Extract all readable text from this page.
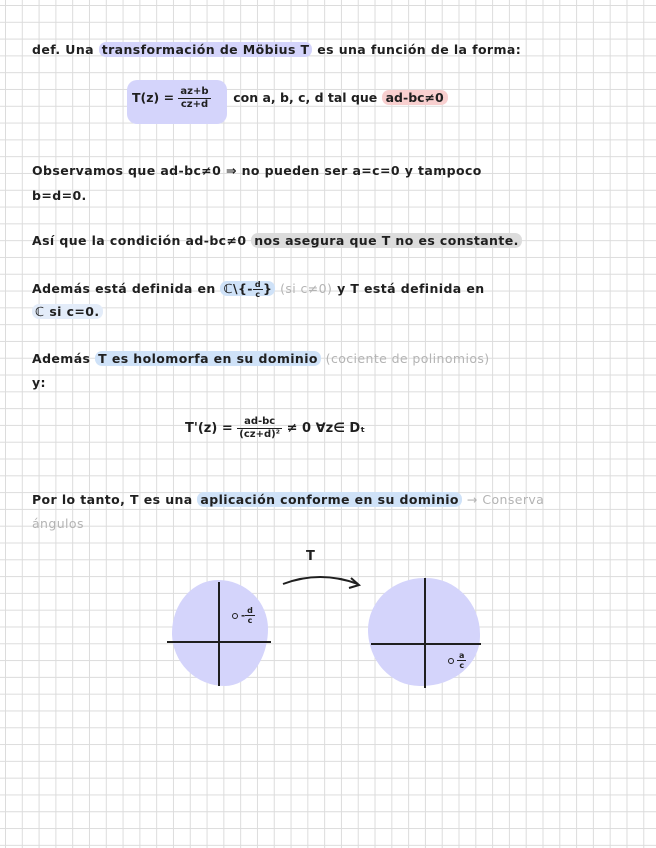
def. Una transformación de Möbius T es una función de la forma:
$T(z) = \frac{az+b}{cz+d}$ con a, b, c, d tal que ad-bc≠0
Observamos que ad-bc≠0 ⇒ no pueden ser a=c=0 y tampoco
b=d=0.
Así que la condición ad-bc≠0 nos asegura que T no es constante.
Además está definida en ℂ\{- $\frac{d}{c}$ } (si c≠0) y T está definida en
ℂ si c=0.
Además T es holomorfa en su dominio (cociente de polinomios)
y:
$T'(z) = \frac{ad-bc}{\text{(cz+d)²}} \ne 0$ ∀z∈ Dₜ
Por lo tanto, T es una aplicación conforme en su dominio → Conserva
ángulos
- $\frac{d}{c}$
T
$\frac{a}{c}$
